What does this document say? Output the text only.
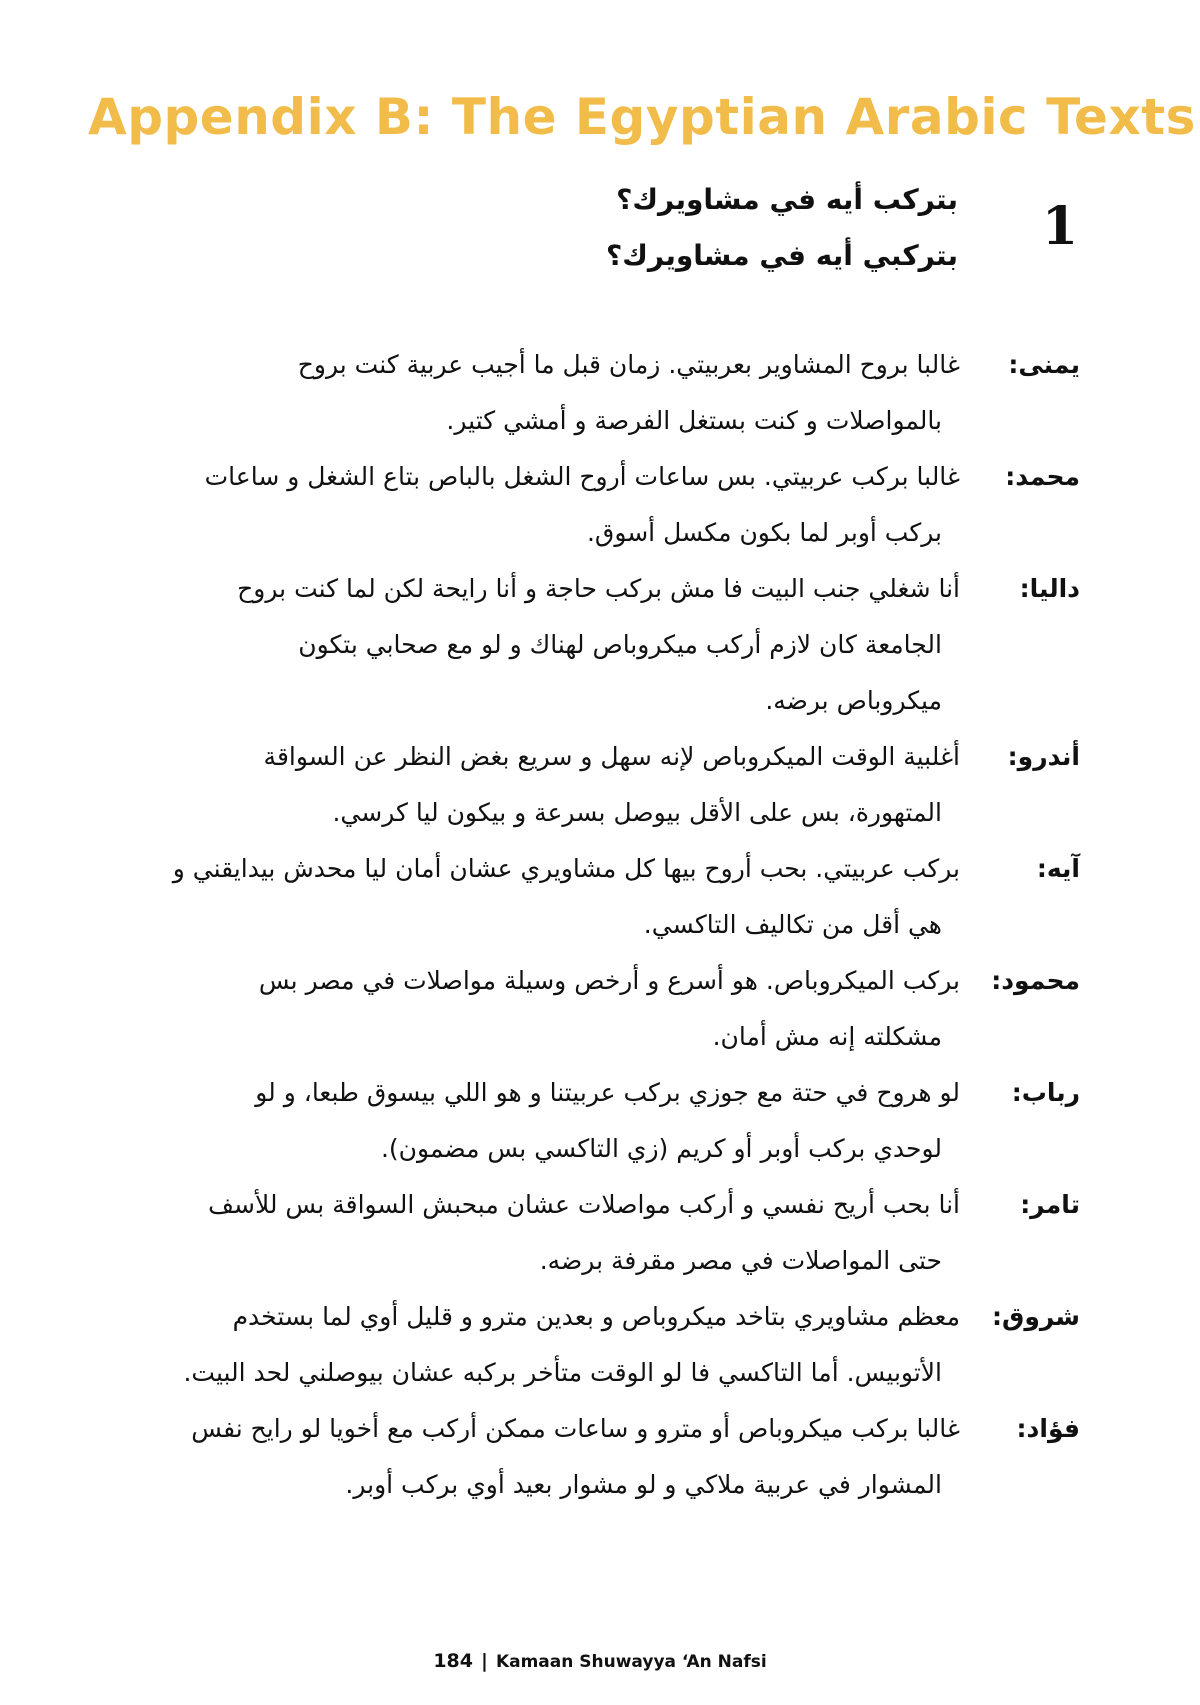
Appendix B: The Egyptian Arabic Texts
1
بتركب أيه في مشاويرك؟
بتركبي أيه في مشاويرك؟
يمنى:
غالبا بروح المشاوير بعربيتي. زمان قبل ما أجيب عربية كنت بروح
بالمواصلات و كنت بستغل الفرصة و أمشي كتير.
محمد:
غالبا بركب عربيتي. بس ساعات أروح الشغل بالباص بتاع الشغل و ساعات
بركب أوبر لما بكون مكسل أسوق.
داليا:
أنا شغلي جنب البيت فا مش بركب حاجة و أنا رايحة لكن لما كنت بروح
الجامعة كان لازم أركب ميكروباص لهناك و لو مع صحابي بتكون
ميكروباص برضه.
أندرو:
أغلبية الوقت الميكروباص لإنه سهل و سريع بغض النظر عن السواقة
المتهورة، بس على الأقل بيوصل بسرعة و بيكون ليا كرسي.
آيه:
بركب عربيتي. بحب أروح بيها كل مشاويري عشان أمان ليا محدش بيدايقني و
هي أقل من تكاليف التاكسي.
محمود:
بركب الميكروباص. هو أسرع و أرخص وسيلة مواصلات في مصر بس
مشكلته إنه مش أمان.
رباب:
لو هروح في حتة مع جوزي بركب عربيتنا و هو اللي بيسوق طبعا، و لو
لوحدي بركب أوبر أو كريم (زي التاكسي بس مضمون).
تامر:
أنا بحب أريح نفسي و أركب مواصلات عشان مبحبش السواقة بس للأسف
حتى المواصلات في مصر مقرفة برضه.
شروق:
معظم مشاويري بتاخد ميكروباص و بعدين مترو و قليل أوي لما بستخدم
الأتوبيس. أما التاكسي فا لو الوقت متأخر بركبه عشان بيوصلني لحد البيت.
فؤاد:
غالبا بركب ميكروباص أو مترو و ساعات ممكن أركب مع أخويا لو رايح نفس
المشوار في عربية ملاكي و لو مشوار بعيد أوي بركب أوبر.
184 | Kamaan Shuwayya ‘An Nafsi
